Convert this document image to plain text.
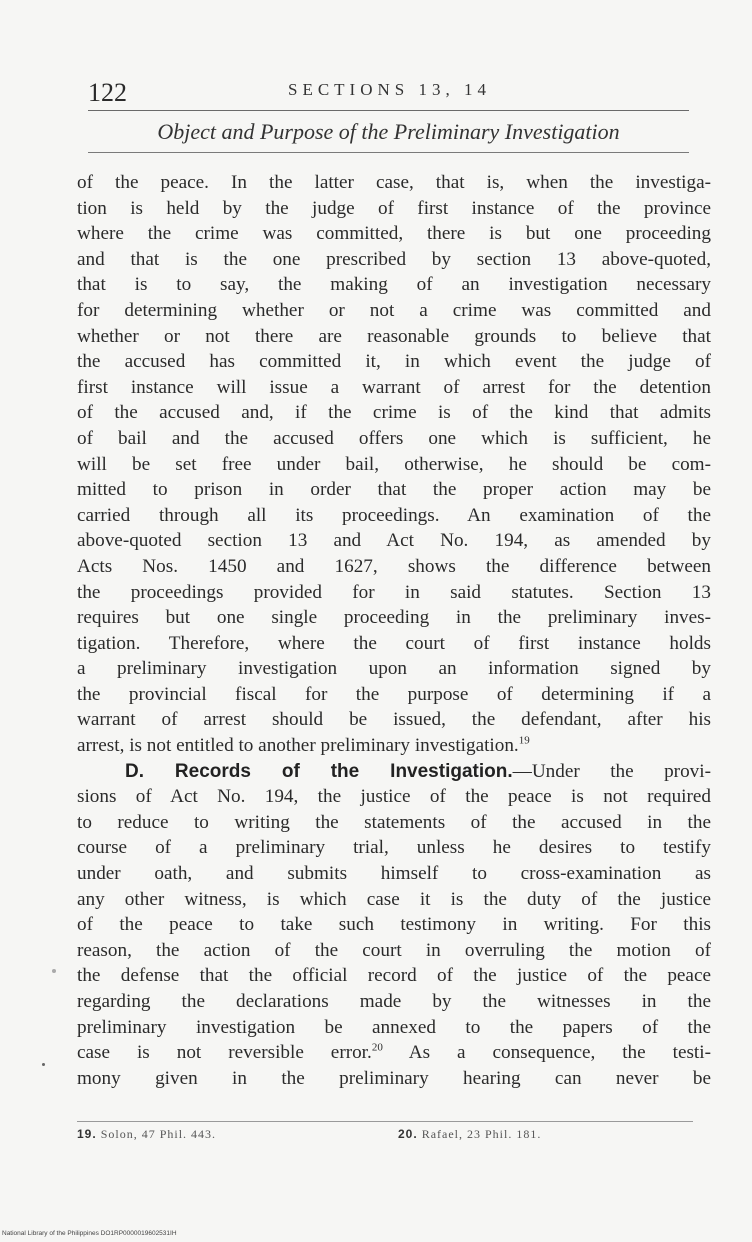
122	SECTIONS 13, 14
Object and Purpose of the Preliminary Investigation
of the peace. In the latter case, that is, when the investiga-
tion is held by the judge of first instance of the province
where the crime was committed, there is but one proceeding
and that is the one prescribed by section 13 above-quoted,
that is to say, the making of an investigation necessary
for determining whether or not a crime was committed and
whether or not there are reasonable grounds to believe that
the accused has committed it, in which event the judge of
first instance will issue a warrant of arrest for the detention
of the accused and, if the crime is of the kind that admits
of bail and the accused offers one which is sufficient, he
will be set free under bail, otherwise, he should be com-
mitted to prison in order that the proper action may be
carried through all its proceedings. An examination of the
above-quoted section 13 and Act No. 194, as amended by
Acts Nos. 1450 and 1627, shows the difference between
the proceedings provided for in said statutes. Section 13
requires but one single proceeding in the preliminary inves-
tigation. Therefore, where the court of first instance holds
a preliminary investigation upon an information signed by
the provincial fiscal for the purpose of determining if a
warrant of arrest should be issued, the defendant, after his
arrest, is not entitled to another preliminary investigation.$^{19}$
D. Records of the Investigation.—Under the provi-
sions of Act No. 194, the justice of the peace is not required
to reduce to writing the statements of the accused in the
course of a preliminary trial, unless he desires to testify
under oath, and submits himself to cross-examination as
any other witness, is which case it is the duty of the justice
of the peace to take such testimony in writing. For this
reason, the action of the court in overruling the motion of
the defense that the official record of the justice of the peace
regarding the declarations made by the witnesses in the
preliminary investigation be annexed to the papers of the
case is not reversible error.$^{20}$ As a consequence, the testi-
mony given in the preliminary hearing can never be
19. Solon, 47 Phil. 443.	20. Rafael, 23 Phil. 181.
National Library of the Philippines DO1RP0000019602531IH
